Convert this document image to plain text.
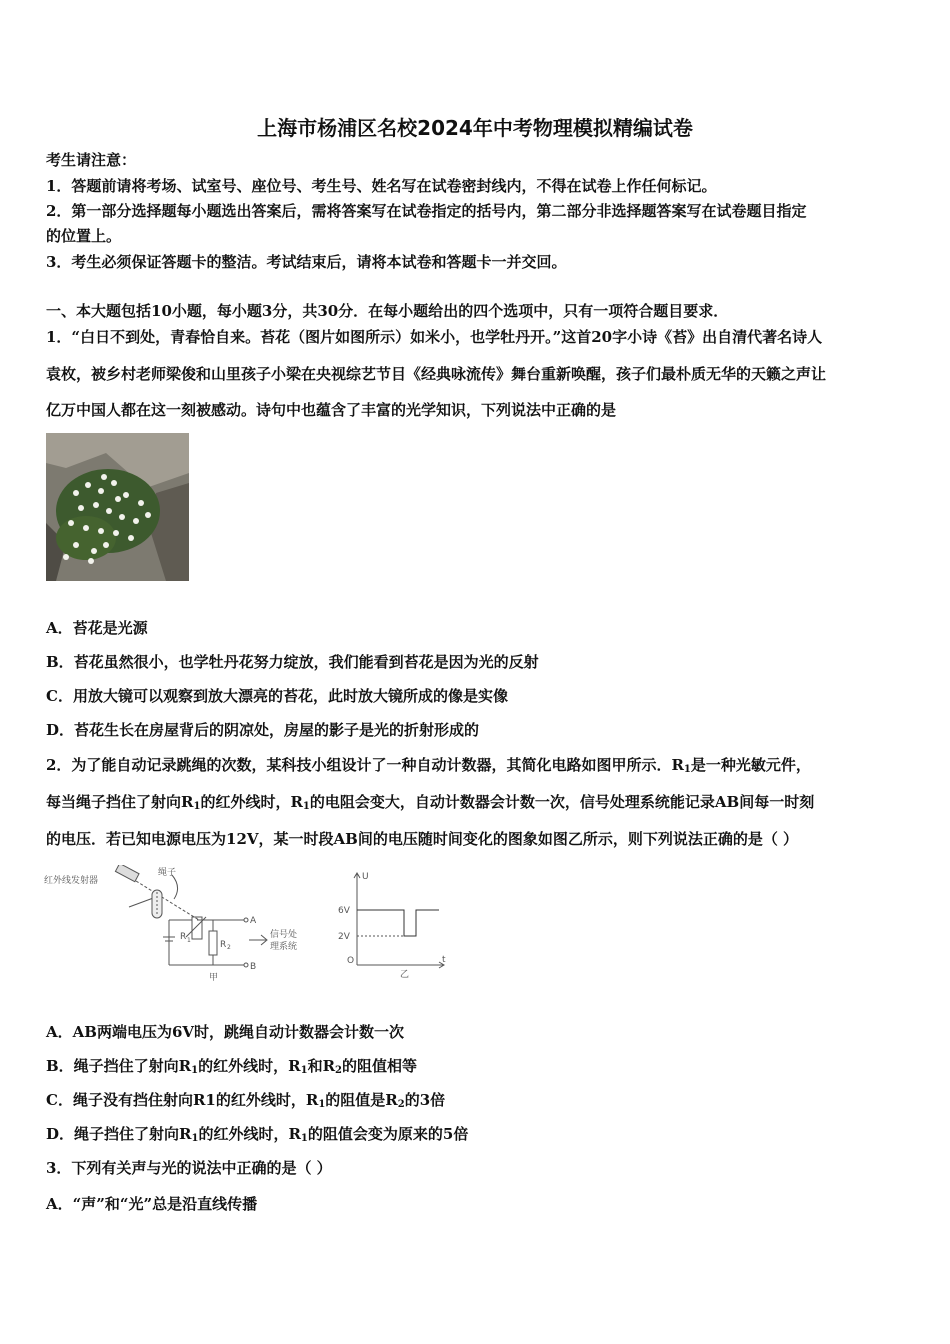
上海市杨浦区名校2024年中考物理模拟精编试卷
考生请注意：
1．答题前请将考场、试室号、座位号、考生号、姓名写在试卷密封线内，不得在试卷上作任何标记。
2．第一部分选择题每小题选出答案后，需将答案写在试卷指定的括号内，第二部分非选择题答案写在试卷题目指定
的位置上。
3．考生必须保证答题卡的整洁。考试结束后，请将本试卷和答题卡一并交回。
一、本大题包括10小题，每小题3分，共30分．在每小题给出的四个选项中，只有一项符合题目要求．
1．“白日不到处，青春恰自来。苔花（图片如图所示）如米小，也学牡丹开。”这首20字小诗《苔》出自清代著名诗人
袁枚，被乡村老师梁俊和山里孩子小梁在央视综艺节目《经典咏流传》舞台重新唤醒，孩子们最朴质无华的天籁之声让
亿万中国人都在这一刻被感动。诗句中也蕴含了丰富的光学知识，下列说法中正确的是
A．苔花是光源
B．苔花虽然很小，也学牡丹花努力绽放，我们能看到苔花是因为光的反射
C．用放大镜可以观察到放大漂亮的苔花，此时放大镜所成的像是实像
D．苔花生长在房屋背后的阴凉处，房屋的影子是光的折射形成的
2．为了能自动记录跳绳的次数，某科技小组设计了一种自动计数器，其简化电路如图甲所示．$R_1$是一种光敏元件，
每当绳子挡住了射向$R_1$的红外线时，$R_1$的电阻会变大，自动计数器会计数一次，信号处理系统能记录AB间每一时刻
的电压．若已知电源电压为12V，某一时段AB间的电压随时间变化的图象如图乙所示，则下列说法正确的是（ ）
红外线发射器
绳子
R
R
A
B
信号处
理系统
甲
U
t
O
6V
2V
乙
1
2
A．AB两端电压为6V时，跳绳自动计数器会计数一次
B．绳子挡住了射向$R_1$的红外线时，$R_1$和$R_2$的阻值相等
C．绳子没有挡住射向R1的红外线时，$R_1$的阻值是$R_2$的3倍
D．绳子挡住了射向$R_1$的红外线时，$R_1$的阻值会变为原来的5倍
3．下列有关声与光的说法中正确的是（ ）
A．“声”和“光”总是沿直线传播
